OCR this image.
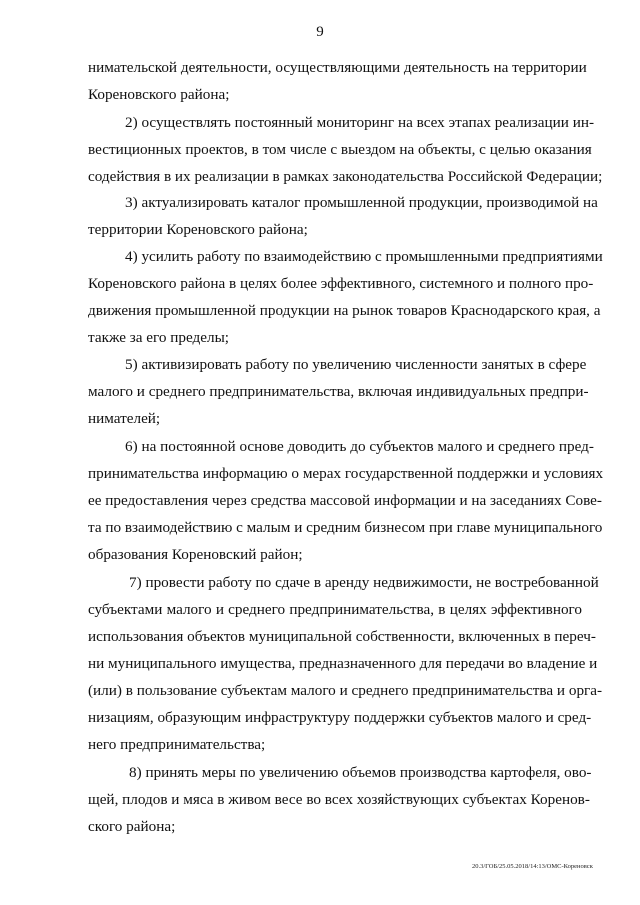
9
нимательской деятельности, осуществляющими деятельность на территории
Кореновского района;
2) осуществлять постоянный мониторинг на всех этапах реализации ин-
вестиционных проектов, в том числе с выездом на объекты, с целью оказания
содействия в их реализации в рамках законодательства Российской Федерации;
3) актуализировать каталог промышленной продукции, производимой на
территории Кореновского района;
4) усилить работу по взаимодействию с промышленными предприятиями
Кореновского района в целях более эффективного, системного и полного про-
движения промышленной продукции на рынок товаров Краснодарского края, а
также за его пределы;
5) активизировать работу по увеличению численности занятых в сфере
малого и среднего предпринимательства, включая индивидуальных предпри-
нимателей;
6) на постоянной основе доводить до субъектов малого и среднего пред-
принимательства информацию о мерах государственной поддержки и условиях
ее предоставления через средства массовой информации и на заседаниях Сове-
та по взаимодействию с малым и средним бизнесом при главе муниципального
образования Кореновский район;
7) провести работу по сдаче в аренду недвижимости, не востребованной
субъектами малого и среднего предпринимательства, в целях эффективного
использования объектов муниципальной собственности, включенных в переч-
ни муниципального имущества, предназначенного для передачи во владение и
(или) в пользование субъектам малого и среднего предпринимательства и орга-
низациям, образующим инфраструктуру поддержки субъектов малого и сред-
него предпринимательства;
8) принять меры по увеличению объемов производства картофеля, ово-
щей, плодов и мяса в живом весе во всех хозяйствующих субъектах Коренов-
ского района;
20.3/ГОБ/25.05.2018/14:13/ОМС-Кореновск
